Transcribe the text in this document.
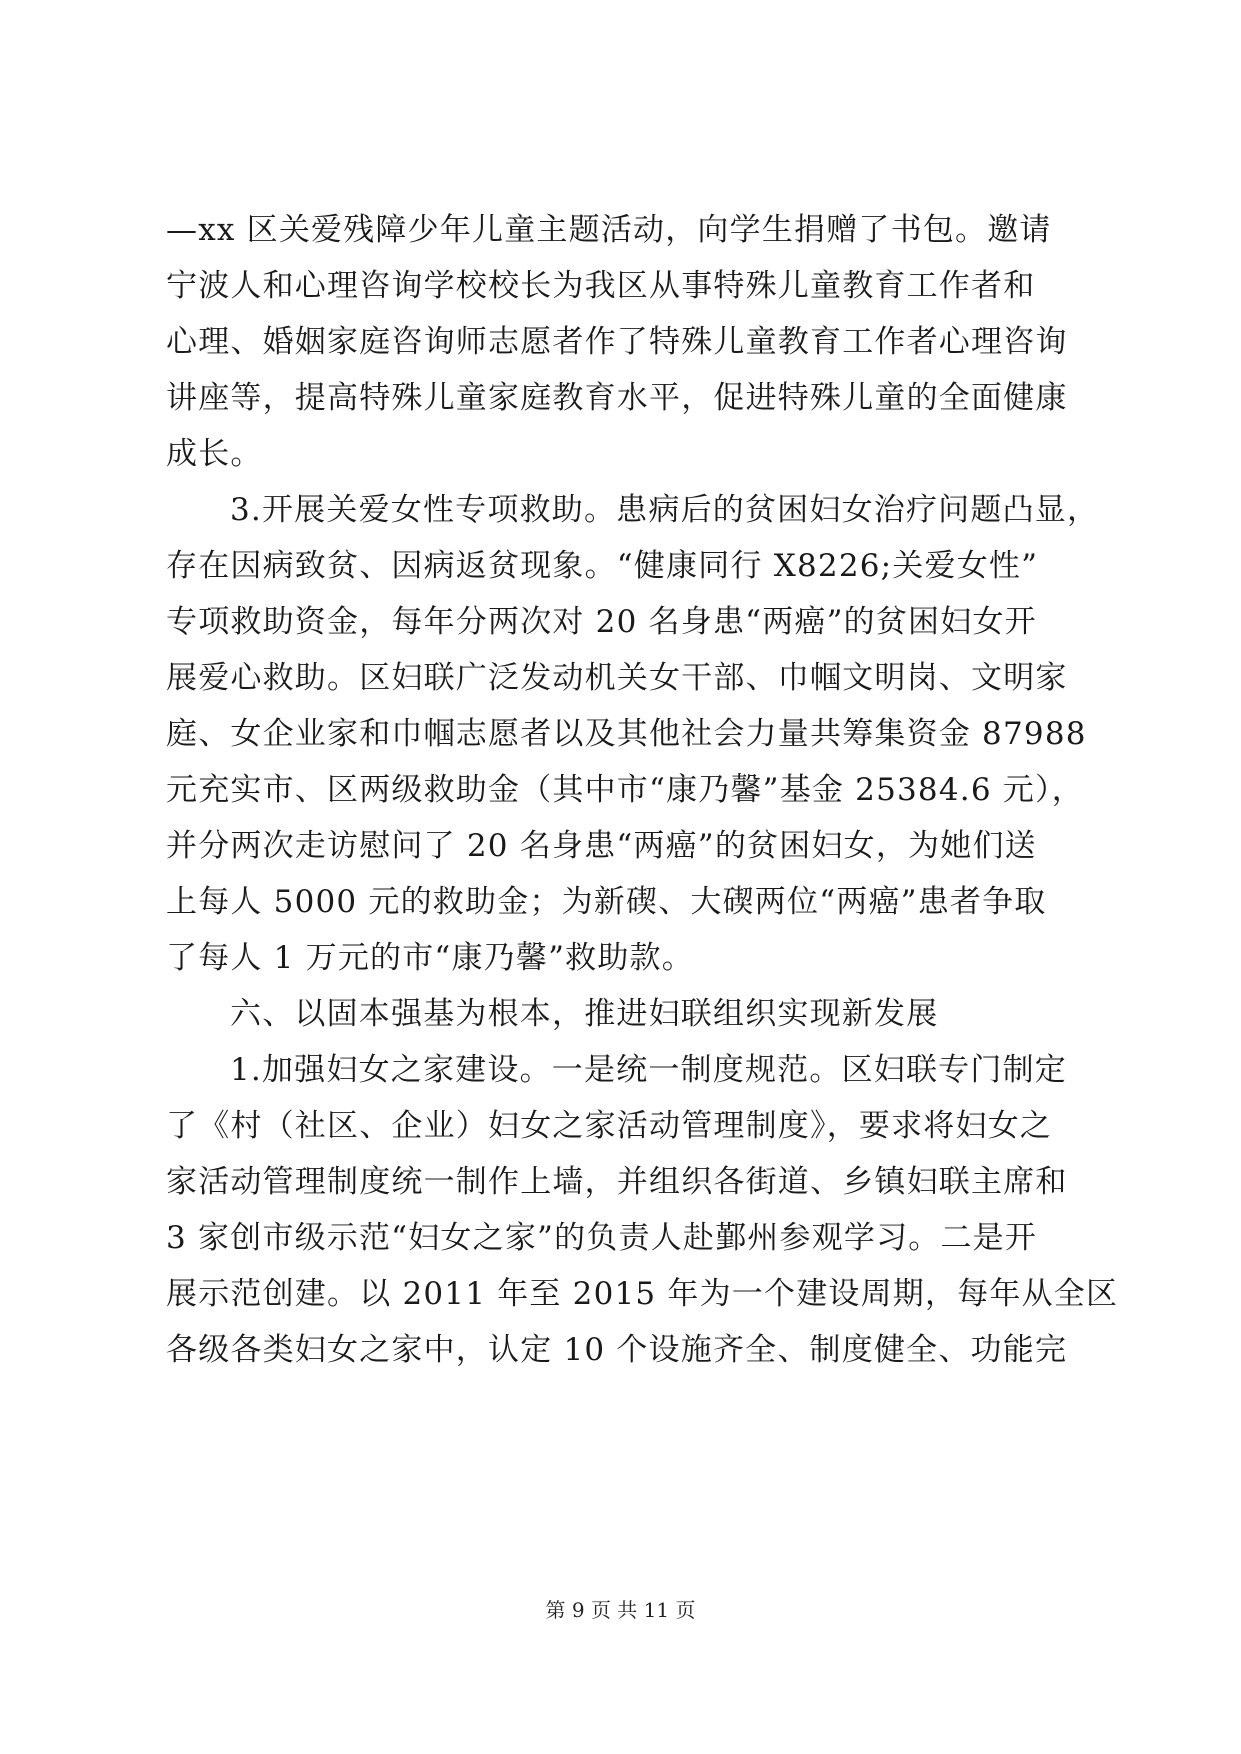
—xx 区关爱残障少年儿童主题活动，向学生捐赠了书包。邀请
宁波人和心理咨询学校校长为我区从事特殊儿童教育工作者和
心理、婚姻家庭咨询师志愿者作了特殊儿童教育工作者心理咨询
讲座等，提高特殊儿童家庭教育水平，促进特殊儿童的全面健康
成长。
3.开展关爱女性专项救助。患病后的贫困妇女治疗问题凸显，
存在因病致贫、因病返贫现象。“健康同行 X8226;关爱女性”
专项救助资金，每年分两次对 20 名身患“两癌”的贫困妇女开
展爱心救助。区妇联广泛发动机关女干部、巾帼文明岗、文明家
庭、女企业家和巾帼志愿者以及其他社会力量共筹集资金 87988
元充实市、区两级救助金（其中市“康乃馨”基金 25384.6 元），
并分两次走访慰问了 20 名身患“两癌”的贫困妇女，为她们送
上每人 5000 元的救助金；为新碶、大碶两位“两癌”患者争取
了每人 1 万元的市“康乃馨”救助款。
六、以固本强基为根本，推进妇联组织实现新发展
1.加强妇女之家建设。一是统一制度规范。区妇联专门制定
了《村（社区、企业）妇女之家活动管理制度》，要求将妇女之
家活动管理制度统一制作上墙，并组织各街道、乡镇妇联主席和
3 家创市级示范“妇女之家”的负责人赴鄞州参观学习。二是开
展示范创建。以 2011 年至 2015 年为一个建设周期，每年从全区
各级各类妇女之家中，认定 10 个设施齐全、制度健全、功能完
第 9 页 共 11 页
